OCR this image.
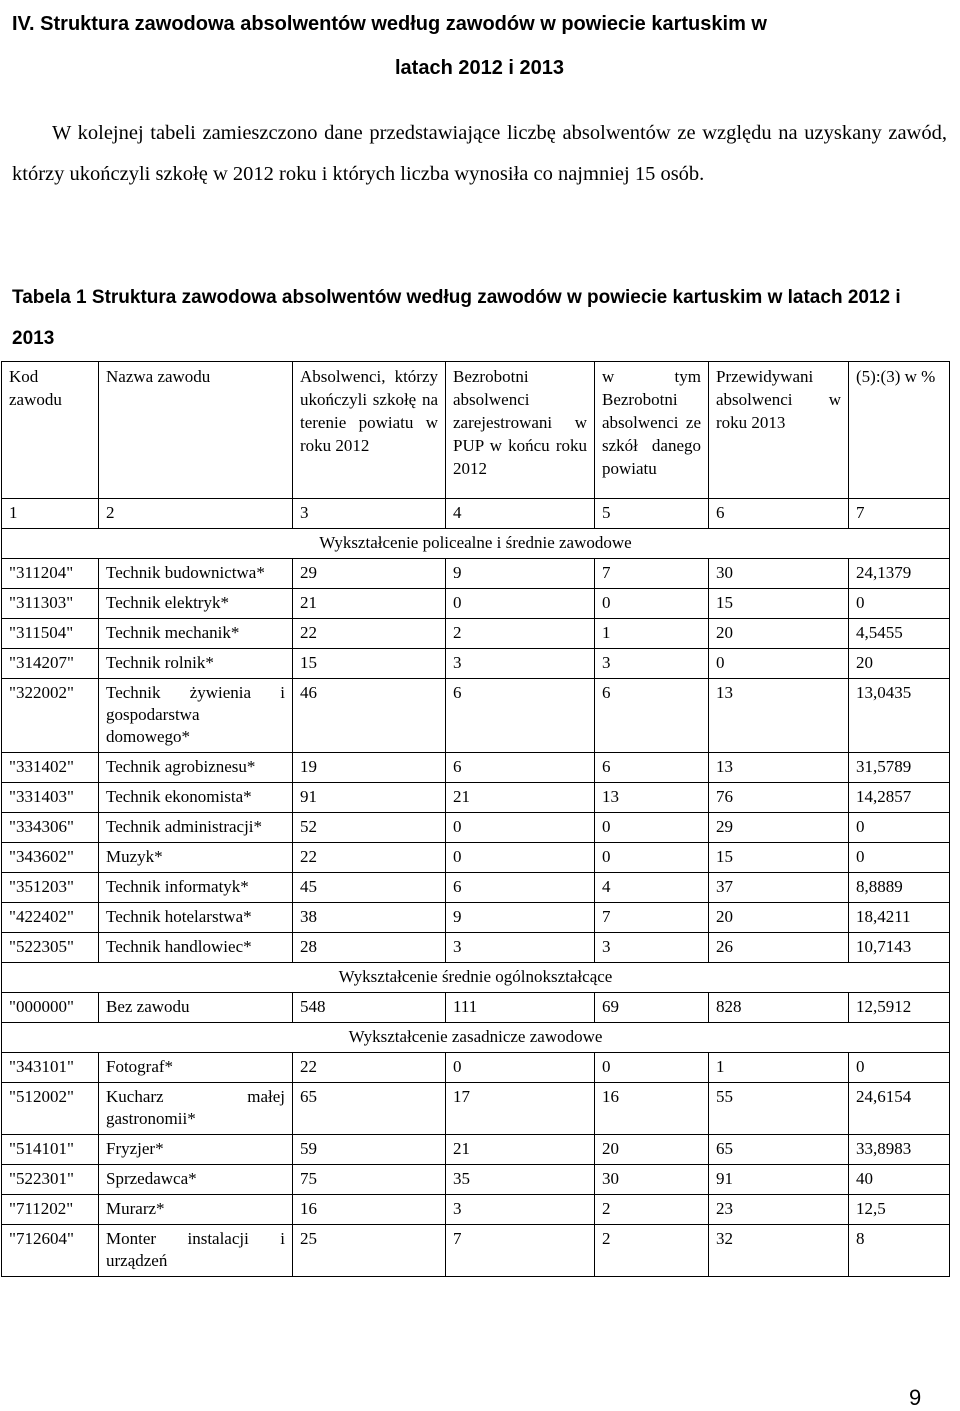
IV. Struktura zawodowa absolwentów według zawodów w powiecie kartuskim w
latach 2012 i 2013
W kolejnej tabeli zamieszczono dane przedstawiające liczbę absolwentów ze względu na uzyskany zawód, którzy ukończyli szkołę w 2012 roku i których liczba wynosiła co najmniej 15 osób.
Tabela 1 Struktura zawodowa absolwentów według zawodów w powiecie kartuskim w latach 2012 i 2013
Kod zawodu	Nazwa zawodu	Absolwenci, którzy ukończyli szkołę na terenie powiatu w roku 2012	Bezrobotni absolwenci zarejestrowani w PUP w końcu roku 2012	w tym Bezrobotni absolwenci ze szkół danego powiatu	Przewidywani absolwenci w roku 2013	(5):(3) w %
1	2	3	4	5	6	7
Wykształcenie policealne i średnie zawodowe						
"311204"	Technik budownictwa*	29	9	7	30	24,1379
"311303"	Technik elektryk*	21	0	0	15	0
"311504"	Technik mechanik*	22	2	1	20	4,5455
"314207"	Technik rolnik*	15	3	3	0	20
"322002"	Technik żywienia i gospodarstwa domowego*	46	6	6	13	13,0435
"331402"	Technik agrobiznesu*	19	6	6	13	31,5789
"331403"	Technik ekonomista*	91	21	13	76	14,2857
"334306"	Technik administracji*	52	0	0	29	0
"343602"	Muzyk*	22	0	0	15	0
"351203"	Technik informatyk*	45	6	4	37	8,8889
"422402"	Technik hotelarstwa*	38	9	7	20	18,4211
"522305"	Technik handlowiec*	28	3	3	26	10,7143
Wykształcenie średnie ogólnokształcące						
"000000"	Bez zawodu	548	111	69	828	12,5912
Wykształcenie zasadnicze zawodowe						
"343101"	Fotograf*	22	0	0	1	0
"512002"	Kucharz małej gastronomii*	65	17	16	55	24,6154
"514101"	Fryzjer*	59	21	20	65	33,8983
"522301"	Sprzedawca*	75	35	30	91	40
"711202"	Murarz*	16	3	2	23	12,5
"712604"	Monter instalacji i urządzeń	25	7	2	32	8
9
